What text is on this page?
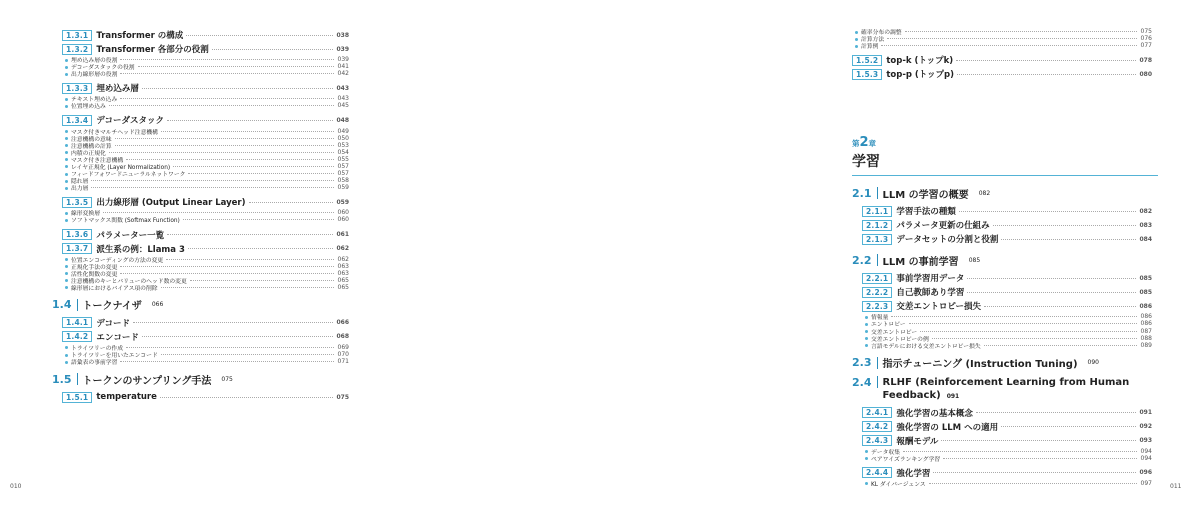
1.3.1 Transformer の構成	038
1.3.2 Transformer 各部分の役割	039
埋め込み層の役割	039
デコーダスタックの役割	041
出力線形層の役割	042
1.3.3 埋め込み層	043
テキスト埋め込み	043
位置埋め込み	045
1.3.4 デコーダスタック	048
マスク付きマルチヘッド注意機構	049
注意機構の意味	050
注意機構の計算	053
内積の正規化	054
マスク付き注意機構	055
レイヤ正規化 (Layer Normalization)	057
フィードフォワードニューラルネットワーク	057
隠れ層	058
出力層	059
1.3.5 出力線形層 (Output Linear Layer)	059
線形変換層	060
ソフトマックス関数 (Softmax Function)	060
1.3.6 パラメーター一覧	061
1.3.7 派生系の例：Llama 3	062
位置エンコーディングの方法の変更	062
正規化手法の変更	063
活性化関数の変更	063
注意機構のキーとバリューのヘッド数の変更	065
線形層におけるバイアス項の削除	065
1.4 トークナイザ 066
1.4.1 デコード	066
1.4.2 エンコード	068
トライツリーの作成	069
トライツリーを用いたエンコード	070
語彙表の事前学習	071
1.5 トークンのサンプリング手法 075
1.5.1 temperature	075
010
確率分布の調整	075
計算方法	076
計算例	077
1.5.2 top-k (トップk)	078
1.5.3 top-p (トップp)	080
第2章
学習
2.1 LLM の学習の概要 082
2.1.1 学習手法の種類	082
2.1.2 パラメータ更新の仕組み	083
2.1.3 データセットの分割と役割	084
2.2 LLM の事前学習 085
2.2.1 事前学習用データ	085
2.2.2 自己教師あり学習	085
2.2.3 交差エントロピー損失	086
情報量	086
エントロピー	086
交差エントロピー	087
交差エントロピーの例	088
言語モデルにおける交差エントロピー損失	089
2.3 指示チューニング (Instruction Tuning) 090
2.4 RLHF (Reinforcement Learning from Human Feedback) 091
2.4.1 強化学習の基本概念	091
2.4.2 強化学習の LLM への適用	092
2.4.3 報酬モデル	093
データ収集	094
ペアワイズランキング学習	094
2.4.4 強化学習	096
KL ダイバージェンス	097	011
